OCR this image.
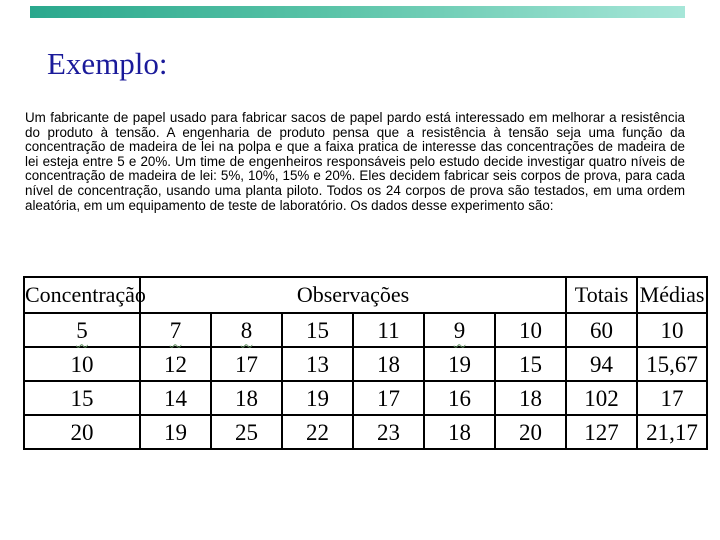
Exemplo:

Um fabricante de papel usado para fabricar sacos de papel pardo está interessado em melhorar a resistência do produto à tensão. A engenharia de produto pensa que a resistência à tensão seja uma função da concentração de madeira de lei na polpa e que a faixa pratica de interesse das concentrações de madeira de lei esteja entre 5 e 20%. Um time de engenheiros responsáveis pelo estudo decide investigar quatro níveis de concentração de madeira de lei: 5%, 10%, 15% e 20%. Eles decidem fabricar seis corpos de prova, para cada nível de concentração, usando uma planta piloto. Todos os 24 corpos de prova são testados, em uma ordem aleatória, em um equipamento de teste de laboratório. Os dados desse experimento são:

Concentração	Observações						Totais	Médias
5	7	8	15	11	9	10	60	10
10	12	17	13	18	19	15	94	15,67
15	14	18	19	17	16	18	102	17
20	19	25	22	23	18	20	127	21,17
